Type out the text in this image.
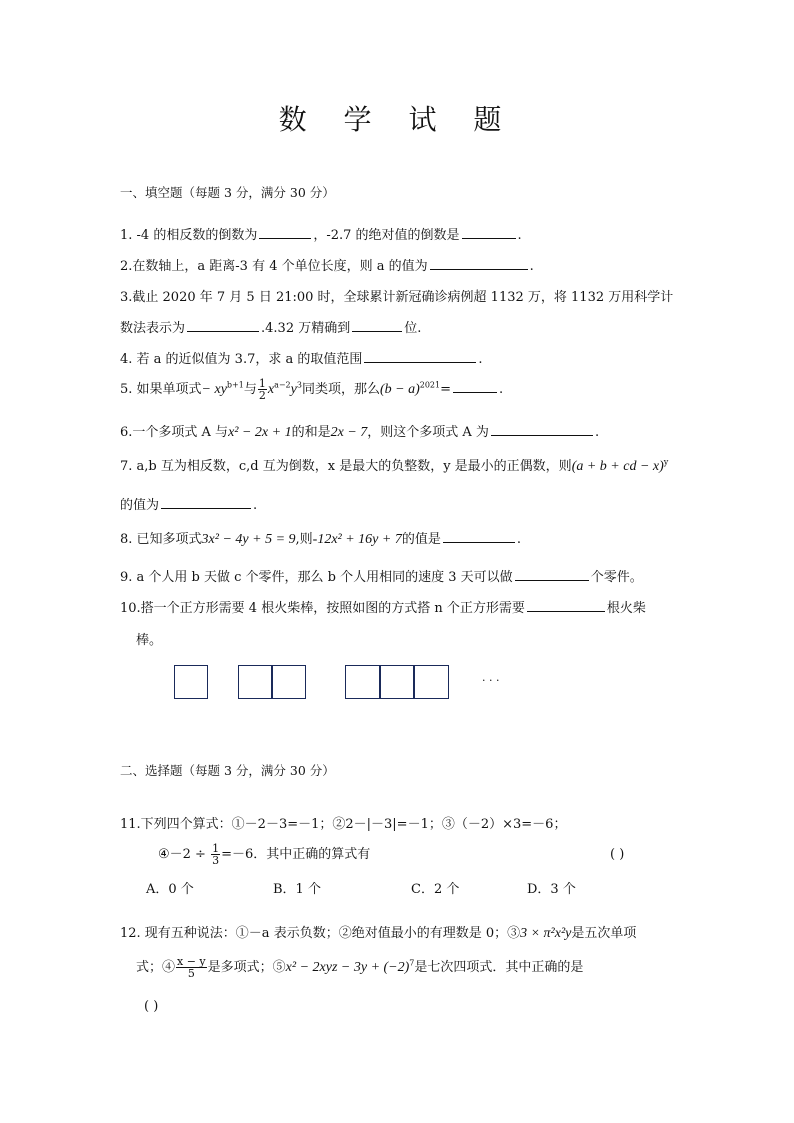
数 学 试 题
一、填空题（每题 3 分，满分 30 分）
1. -4 的相反数的倒数为	，-2.7 的绝对值的倒数是	.
2.在数轴上，a 距离-3 有 4 个单位长度，则 a 的值为	.
3.截止 2020 年 7 月 5 日 21:00 时，全球累计新冠确诊病例超 1132 万，将 1132 万用科学计
数法表示为	.4.32 万精确到	位.
4. 若 a 的近似值为 3.7，求 a 的取值范围	.
5. 如果单项式− $xy^{b+1}$与 $\frac{1}{2} x^{a-2}y^3$同类项，那么$(b - a)^{2021}=$	.
6.一个多项式 A 与x² − 2x + 1的和是2x − 7，则这个多项式 A 为	.
7. a,b 互为相反数，c,d 互为倒数，x 是最大的负整数，y 是最小的正偶数，则(a + b + cd − x)$^y$
的值为	.
8. 已知多项式3x² − 4y + 5 = 9,则-12x² + 16y + 7的值是	.
9. a 个人用 b 天做 c 个零件，那么 b 个人用相同的速度 3 天可以做	个零件。
10.搭一个正方形需要 4 根火柴棒，按照如图的方式搭 n 个正方形需要	根火柴
棒。
· · ·
二、选择题（每题 3 分，满分 30 分）
11.下列四个算式：①－2－3=－1；②2－|－3|=－1；③（－2）×3=－6；
④－2 ÷ $\frac{1}{3} =-6$．其中正确的算式有	( )
A．0 个	B．1 个	C．2 个	D．3 个
12. 现有五种说法：①－a 表示负数；②绝对值最小的有理数是 0；③3 × π²x²y是五次单项
式；④ $\frac{x - y}{5}$ 是多项式；⑤x² − $2xyz - 3y + (-2)^7$是七次四项式．其中正确的是
( )
